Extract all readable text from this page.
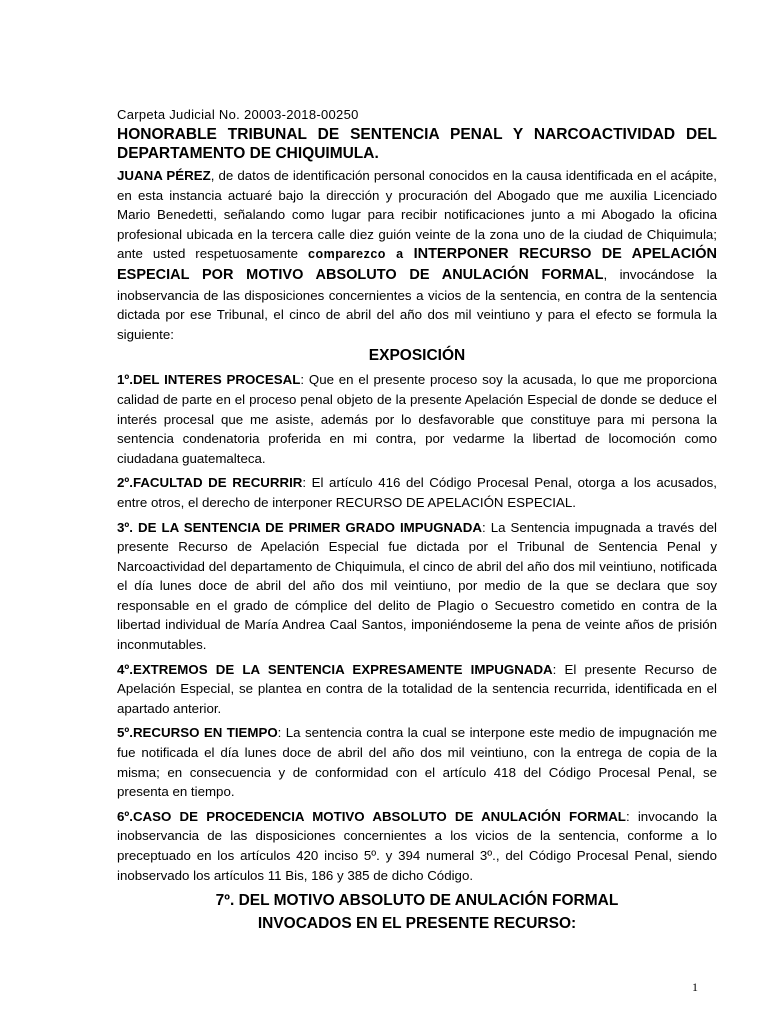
Carpeta Judicial No. 20003-2018-00250
HONORABLE TRIBUNAL DE SENTENCIA PENAL Y NARCOACTIVIDAD DEL DEPARTAMENTO DE CHIQUIMULA.

JUANA PÉREZ, de datos de identificación personal conocidos en la causa identificada en el acápite, en esta instancia actuaré bajo la dirección y procuración del Abogado que me auxilia Licenciado Mario Benedetti, señalando como lugar para recibir notificaciones junto a mi Abogado la oficina profesional ubicada en la tercera calle diez guión veinte de la zona uno de la ciudad de Chiquimula; ante usted respetuosamente comparezco a INTERPONER RECURSO DE APELACIÓN ESPECIAL POR MOTIVO ABSOLUTO DE ANULACIÓN FORMAL, invocándose la inobservancia de las disposiciones concernientes a vicios de la sentencia, en contra de la sentencia dictada por ese Tribunal, el cinco de abril del año dos mil veintiuno y para el efecto se formula la siguiente:

EXPOSICIÓN

1º.DEL INTERES PROCESAL: Que en el presente proceso soy la acusada, lo que me proporciona calidad de parte en el proceso penal objeto de la presente Apelación Especial de donde se deduce el interés procesal que me asiste, además por lo desfavorable que constituye para mi persona la sentencia condenatoria proferida en mi contra, por vedarme la libertad de locomoción como ciudadana guatemalteca.

2º.FACULTAD DE RECURRIR: El artículo 416 del Código Procesal Penal, otorga a los acusados, entre otros, el derecho de interponer RECURSO DE APELACIÓN ESPECIAL.

3º. DE LA SENTENCIA DE PRIMER GRADO IMPUGNADA: La Sentencia impugnada a través del presente Recurso de Apelación Especial fue dictada por el Tribunal de Sentencia Penal y Narcoactividad del departamento de Chiquimula, el cinco de abril del año dos mil veintiuno, notificada el día lunes doce de abril del año dos mil veintiuno, por medio de la que se declara que soy responsable en el grado de cómplice del delito de Plagio o Secuestro cometido en contra de la libertad individual de María Andrea Caal Santos, imponiéndoseme la pena de veinte años de prisión inconmutables.

4º.EXTREMOS DE LA SENTENCIA EXPRESAMENTE IMPUGNADA: El presente Recurso de Apelación Especial, se plantea en contra de la totalidad de la sentencia recurrida, identificada en el apartado anterior.

5º.RECURSO EN TIEMPO: La sentencia contra la cual se interpone este medio de impugnación me fue notificada el día lunes doce de abril del año dos mil veintiuno, con la entrega de copia de la misma; en consecuencia y de conformidad con el artículo 418 del Código Procesal Penal, se presenta en tiempo.

6º.CASO DE PROCEDENCIA MOTIVO ABSOLUTO DE ANULACIÓN FORMAL: invocando la inobservancia de las disposiciones concernientes a los vicios de la sentencia, conforme a lo preceptuado en los artículos 420 inciso 5º. y 394 numeral 3º., del Código Procesal Penal, siendo inobservado los artículos 11 Bis, 186 y 385 de dicho Código.

7º. DEL MOTIVO ABSOLUTO DE ANULACIÓN FORMAL
INVOCADOS EN EL PRESENTE RECURSO:
1
